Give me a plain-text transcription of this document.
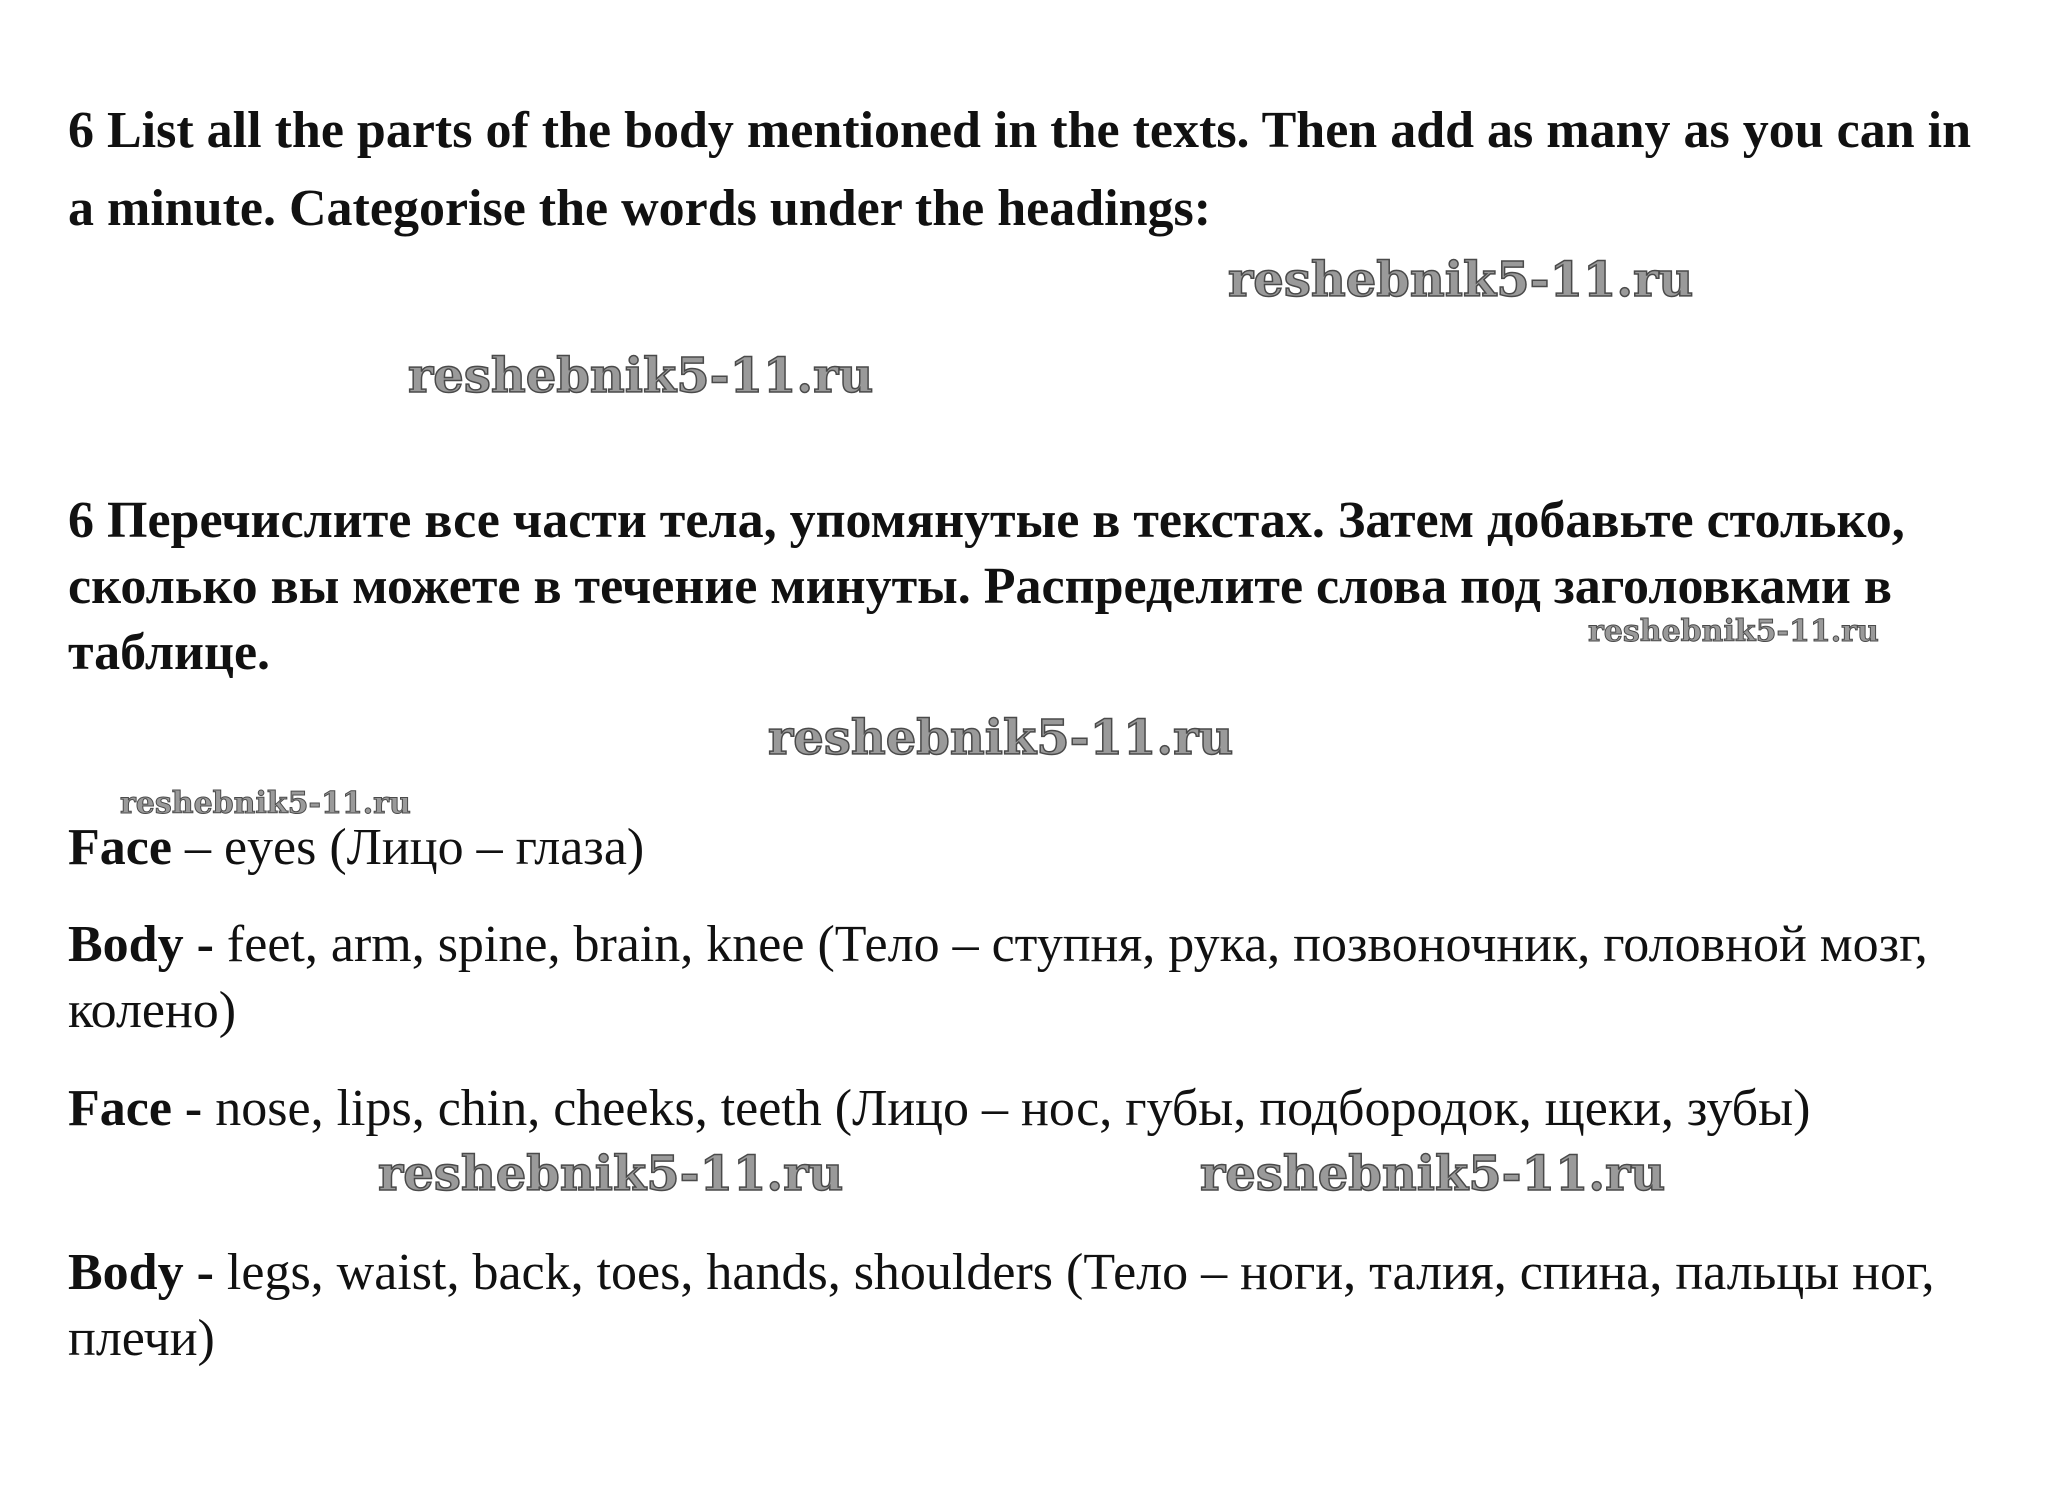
6 List all the parts of the body mentioned in the texts. Then add as many as you can in a minute. Categorise the words under the headings:

reshebnik5-11.ru
reshebnik5-11.ru

6 Перечислите все части тела, упомянутые в текстах. Затем добавьте столько, сколько вы можете в течение минуты. Распределите слова под заголовками в таблице.	reshebnik5-11.ru
reshebnik5-11.ru
reshebnik5-11.ru

Face – eyes (Лицо – глаза)

Body - feet, arm, spine, brain, knee (Тело – ступня, рука, позвоночник, головной мозг, колено)

Face - nose, lips, chin, cheeks, teeth (Лицо – нос, губы, подбородок, щеки, зубы)

reshebnik5-11.ru	reshebnik5-11.ru

Body - legs, waist, back, toes, hands, shoulders (Тело – ноги, талия, спина, пальцы ног, плечи)
